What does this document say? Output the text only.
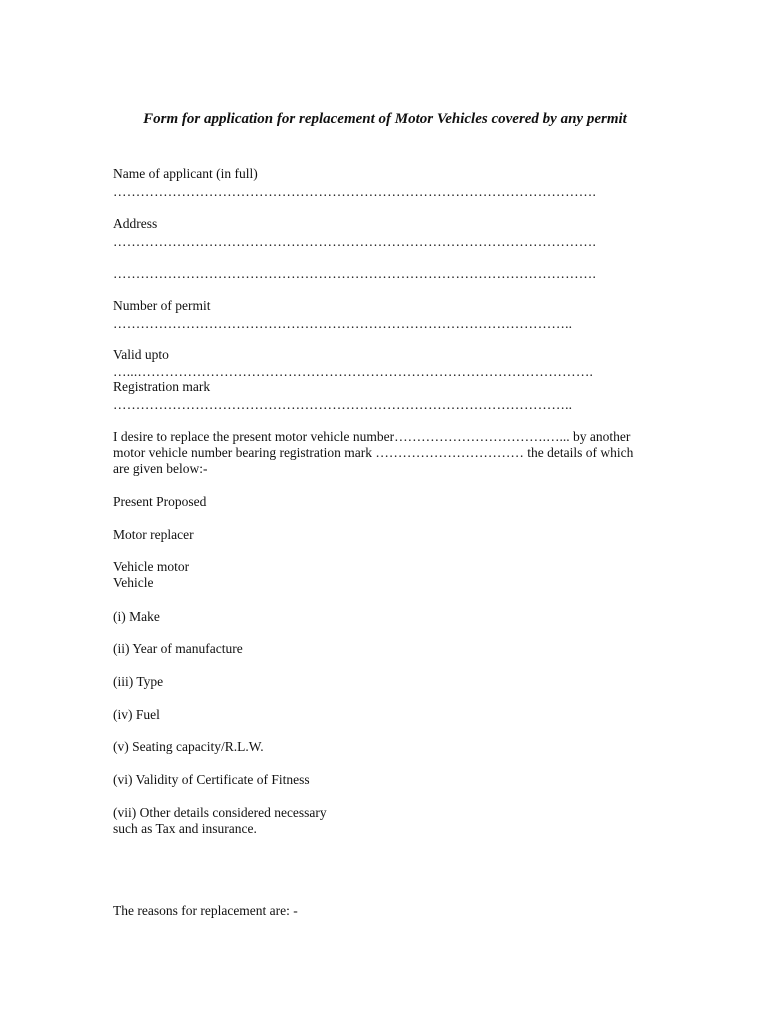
Form for application for replacement of Motor Vehicles covered by any permit
Name of applicant (in full)
…………………………………………………………………………………………….
Address
…………………………………………………………………………………………….
…………………………………………………………………………………………….
Number of permit
………………………………………………………………………………………..
Valid upto
…...……………………………………………………………………………………….
Registration mark
………………………………………………………………………………………..
I desire to replace the present motor vehicle number…………………………….…... by another
motor vehicle number bearing registration mark …………………………… the details of which
are given below:-
Present Proposed
Motor replacer
Vehicle motor
Vehicle
(i) Make
(ii) Year of manufacture
(iii) Type
(iv) Fuel
(v) Seating capacity/R.L.W.
(vi) Validity of Certificate of Fitness
(vii) Other details considered necessary
such as Tax and insurance.
The reasons for replacement are: -
